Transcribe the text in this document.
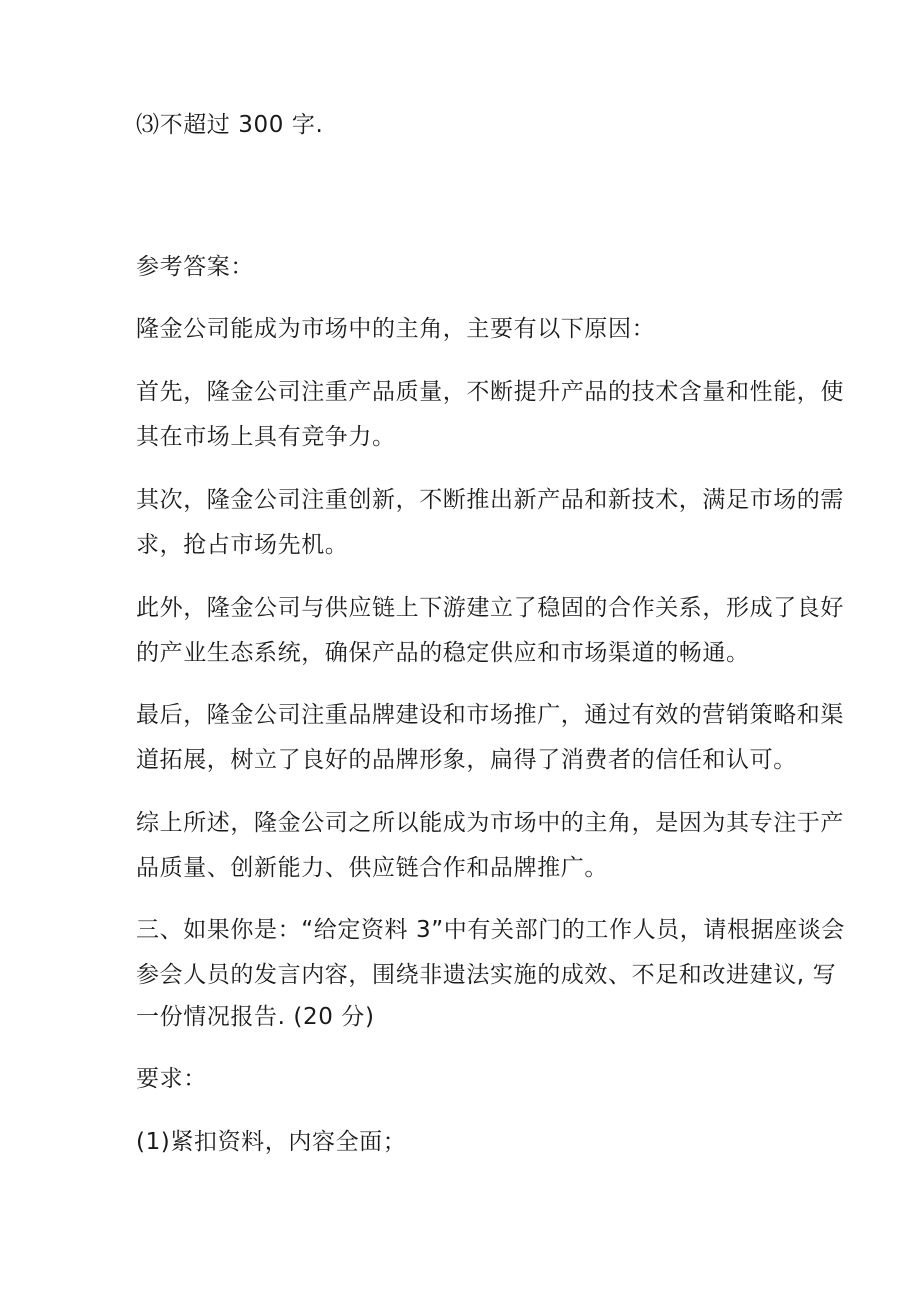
⑶不超过 300 字.

参考答案：

隆金公司能成为市场中的主角，主要有以下原因：

首先，隆金公司注重产品质量，不断提升产品的技术含量和性能，使

其在市场上具有竞争力。

其次，隆金公司注重创新，不断推出新产品和新技术，满足市场的需

求，抢占市场先机。

此外，隆金公司与供应链上下游建立了稳固的合作关系，形成了良好

的产业生态系统，确保产品的稳定供应和市场渠道的畅通。

最后，隆金公司注重品牌建设和市场推广，通过有效的营销策略和渠

道拓展，树立了良好的品牌形象，扁得了消费者的信任和认可。

综上所述，隆金公司之所以能成为市场中的主角，是因为其专注于产

品质量、创新能力、供应链合作和品牌推广。

三、如果你是：“给定资料 3”中有关部门的工作人员，请根据座谈会

参会人员的发言内容，围绕非遗法实施的成效、不足和改进建议, 写

一份情况报告. (20 分)

要求：

(1)紧扣资料，内容全面；
